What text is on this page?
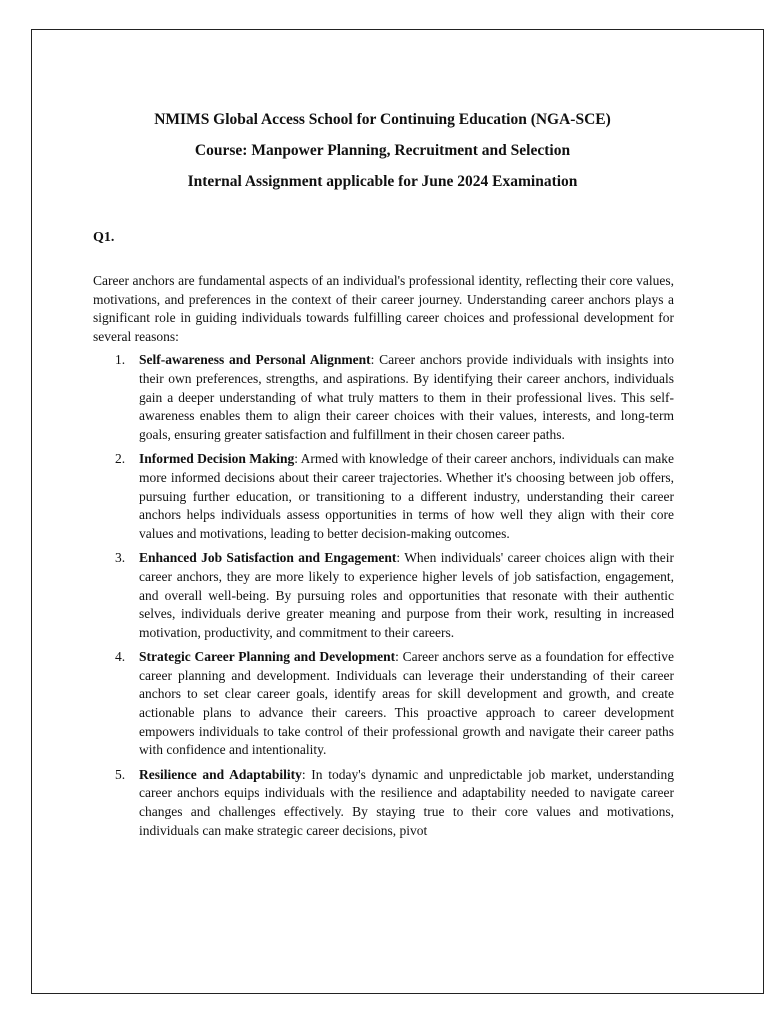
NMIMS Global Access School for Continuing Education (NGA-SCE)
Course: Manpower Planning, Recruitment and Selection
Internal Assignment applicable for June 2024 Examination
Q1.

Career anchors are fundamental aspects of an individual's professional identity, reflecting their core values, motivations, and preferences in the context of their career journey. Understanding career anchors plays a significant role in guiding individuals towards fulfilling career choices and professional development for several reasons:

1. Self-awareness and Personal Alignment: Career anchors provide individuals with insights into their own preferences, strengths, and aspirations. By identifying their career anchors, individuals gain a deeper understanding of what truly matters to them in their professional lives. This self-awareness enables them to align their career choices with their values, interests, and long-term goals, ensuring greater satisfaction and fulfillment in their chosen career paths.
2. Informed Decision Making: Armed with knowledge of their career anchors, individuals can make more informed decisions about their career trajectories. Whether it's choosing between job offers, pursuing further education, or transitioning to a different industry, understanding their career anchors helps individuals assess opportunities in terms of how well they align with their core values and motivations, leading to better decision-making outcomes.
3. Enhanced Job Satisfaction and Engagement: When individuals' career choices align with their career anchors, they are more likely to experience higher levels of job satisfaction, engagement, and overall well-being. By pursuing roles and opportunities that resonate with their authentic selves, individuals derive greater meaning and purpose from their work, resulting in increased motivation, productivity, and commitment to their careers.
4. Strategic Career Planning and Development: Career anchors serve as a foundation for effective career planning and development. Individuals can leverage their understanding of their career anchors to set clear career goals, identify areas for skill development and growth, and create actionable plans to advance their careers. This proactive approach to career development empowers individuals to take control of their professional growth and navigate their career paths with confidence and intentionality.
5. Resilience and Adaptability: In today's dynamic and unpredictable job market, understanding career anchors equips individuals with the resilience and adaptability needed to navigate career changes and challenges effectively. By staying true to their core values and motivations, individuals can make strategic career decisions, pivot
